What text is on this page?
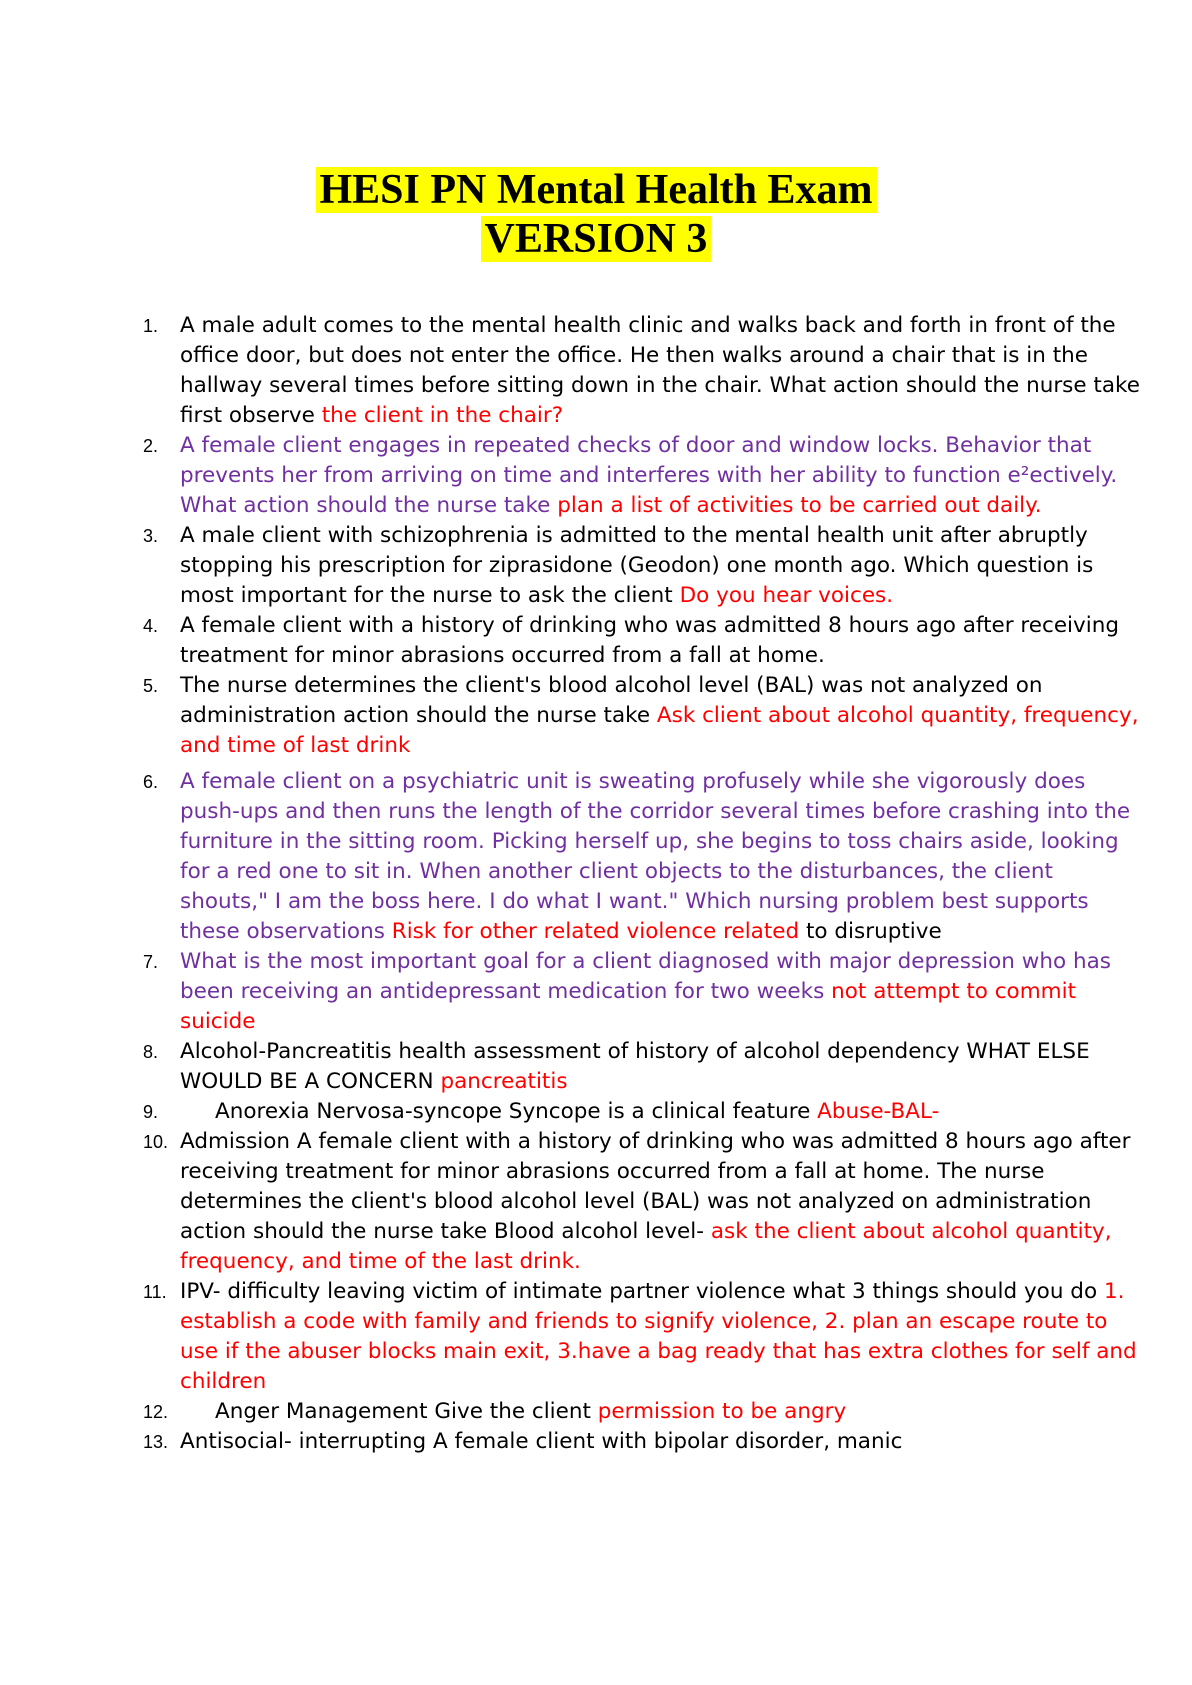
HESI PN Mental Health Exam
VERSION 3
1.	A male adult comes to the mental health clinic and walks back and forth in front of the office door, but does not enter the office. He then walks around a chair that is in the hallway several times before sitting down in the chair. What action should the nurse take first observe the client in the chair?
2.	A female client engages in repeated checks of door and window locks. Behavior that prevents her from arriving on time and interferes with her ability to function e²ectively. What action should the nurse take plan a list of activities to be carried out daily.
3.	A male client with schizophrenia is admitted to the mental health unit after abruptly stopping his prescription for ziprasidone (Geodon) one month ago. Which question is most important for the nurse to ask the client Do you hear voices.
4.	A female client with a history of drinking who was admitted 8 hours ago after receiving treatment for minor abrasions occurred from a fall at home.
5.	The nurse determines the client's blood alcohol level (BAL) was not analyzed on administration action should the nurse take Ask client about alcohol quantity, frequency, and time of last drink
6.	A female client on a psychiatric unit is sweating profusely while she vigorously does push-ups and then runs the length of the corridor several times before crashing into the furniture in the sitting room. Picking herself up, she begins to toss chairs aside, looking for a red one to sit in. When another client objects to the disturbances, the client shouts," I am the boss here. I do what I want." Which nursing problem best supports these observations Risk for other related violence related to disruptive
7.	What is the most important goal for a client diagnosed with major depression who has been receiving an antidepressant medication for two weeks not attempt to commit suicide
8.	Alcohol-Pancreatitis health assessment of history of alcohol dependency WHAT ELSE WOULD BE A CONCERN pancreatitis
9.	Anorexia Nervosa-syncope Syncope is a clinical feature Abuse-BAL-
10. Admission A female client with a history of drinking who was admitted 8 hours ago after receiving treatment for minor abrasions occurred from a fall at home. The nurse determines the client's blood alcohol level (BAL) was not analyzed on administration action should the nurse take Blood alcohol level- ask the client about alcohol quantity, frequency, and time of the last drink.
11. IPV- difficulty leaving victim of intimate partner violence what 3 things should you do 1. establish a code with family and friends to signify violence, 2. plan an escape route to use if the abuser blocks main exit, 3.have a bag ready that has extra clothes for self and children
12.	Anger Management Give the client permission to be angry
13. Antisocial- interrupting A female client with bipolar disorder, manic
